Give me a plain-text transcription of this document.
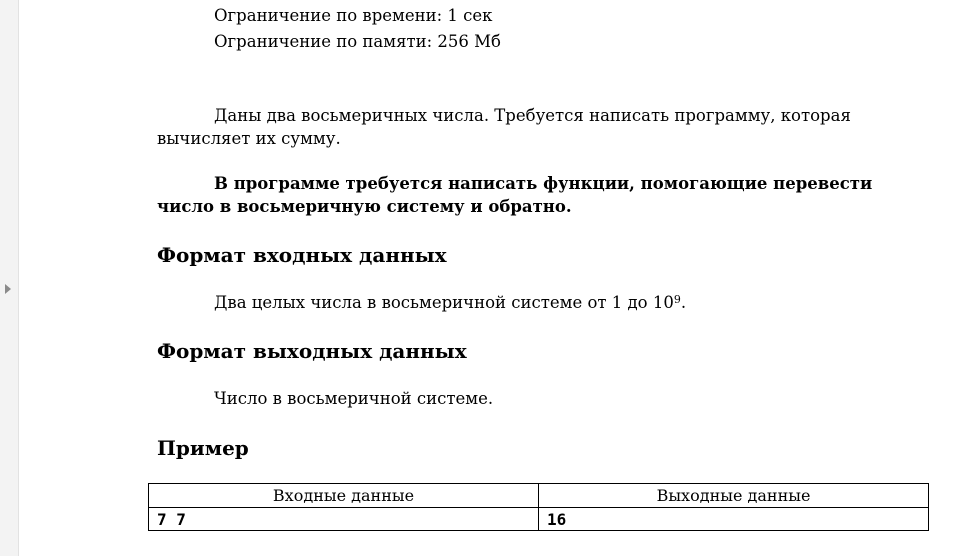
Ограничение по времени: 1 сек
Ограничение по памяти: 256 Мб

Даны два восьмеричных числа. Требуется написать программу, которая вычисляет их сумму.

В программе требуется написать функции, помогающие перевести число в восьмеричную систему и обратно.

Формат входных данных
Два целых числа в восьмеричной системе от 1 до $10^9$.
Формат выходных данных
Число в восьмеричной системе.
Пример
Входные данные	Выходные данные
7 7	16
